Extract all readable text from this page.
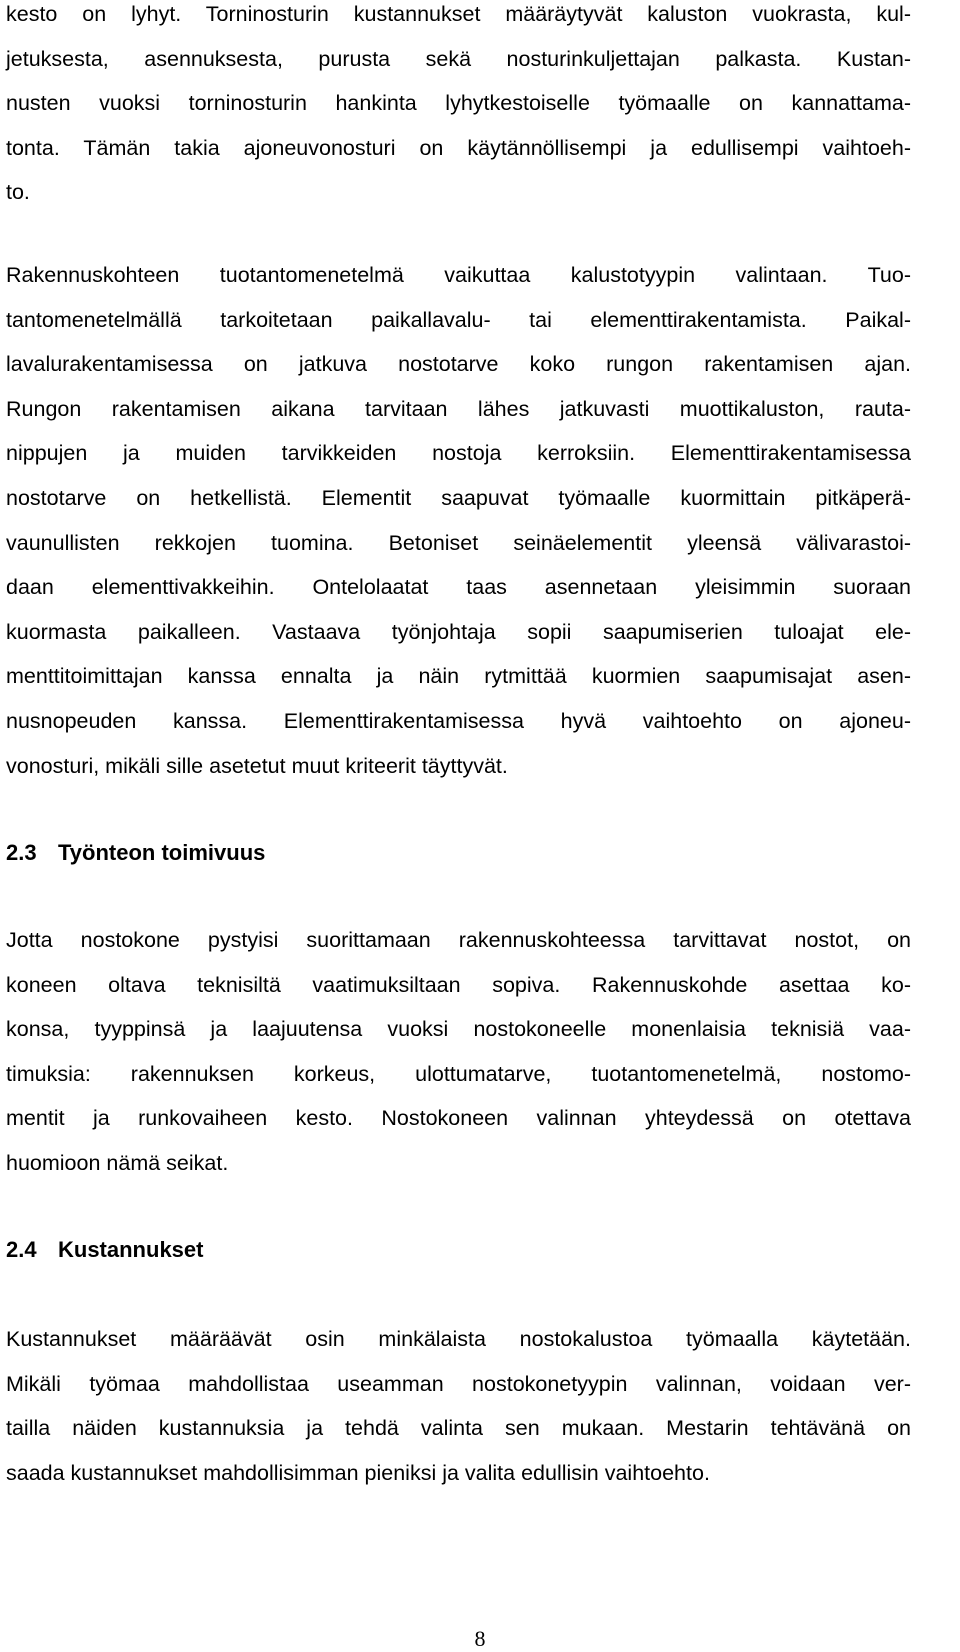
kesto on lyhyt. Torninosturin kustannukset määräytyvät kaluston vuokrasta, kul-
jetuksesta, asennuksesta, purusta sekä nosturinkuljettajan palkasta. Kustan-
nusten vuoksi torninosturin hankinta lyhytkestoiselle työmaalle on kannattama-
tonta. Tämän takia ajoneuvonosturi on käytännöllisempi ja edullisempi vaihtoeh-
to.
Rakennuskohteen tuotantomenetelmä vaikuttaa kalustotyypin valintaan. Tuo-
tantomenetelmällä tarkoitetaan paikallavalu- tai elementtirakentamista. Paikal-
lavalurakentamisessa on jatkuva nostotarve koko rungon rakentamisen ajan.
Rungon rakentamisen aikana tarvitaan lähes jatkuvasti muottikaluston, rauta-
nippujen ja muiden tarvikkeiden nostoja kerroksiin. Elementtirakentamisessa
nostotarve on hetkellistä. Elementit saapuvat työmaalle kuormittain pitkäperä-
vaunullisten rekkojen tuomina. Betoniset seinäelementit yleensä välivarastoi-
daan elementtivakkeihin. Ontelolaatat taas asennetaan yleisimmin suoraan
kuormasta paikalleen. Vastaava työnjohtaja sopii saapumiserien tuloajat ele-
menttitoimittajan kanssa ennalta ja näin rytmittää kuormien saapumisajat asen-
nusnopeuden kanssa. Elementtirakentamisessa hyvä vaihtoehto on ajoneu-
vonosturi, mikäli sille asetetut muut kriteerit täyttyvät.
2.3 Työnteon toimivuus
Jotta nostokone pystyisi suorittamaan rakennuskohteessa tarvittavat nostot, on
koneen oltava teknisiltä vaatimuksiltaan sopiva. Rakennuskohde asettaa ko-
konsa, tyyppinsä ja laajuutensa vuoksi nostokoneelle monenlaisia teknisiä vaa-
timuksia: rakennuksen korkeus, ulottumatarve, tuotantomenetelmä, nostomo-
mentit ja runkovaiheen kesto. Nostokoneen valinnan yhteydessä on otettava
huomioon nämä seikat.
2.4 Kustannukset
Kustannukset määräävät osin minkälaista nostokalustoa työmaalla käytetään.
Mikäli työmaa mahdollistaa useamman nostokonetyypin valinnan, voidaan ver-
tailla näiden kustannuksia ja tehdä valinta sen mukaan. Mestarin tehtävänä on
saada kustannukset mahdollisimman pieniksi ja valita edullisin vaihtoehto.
8
